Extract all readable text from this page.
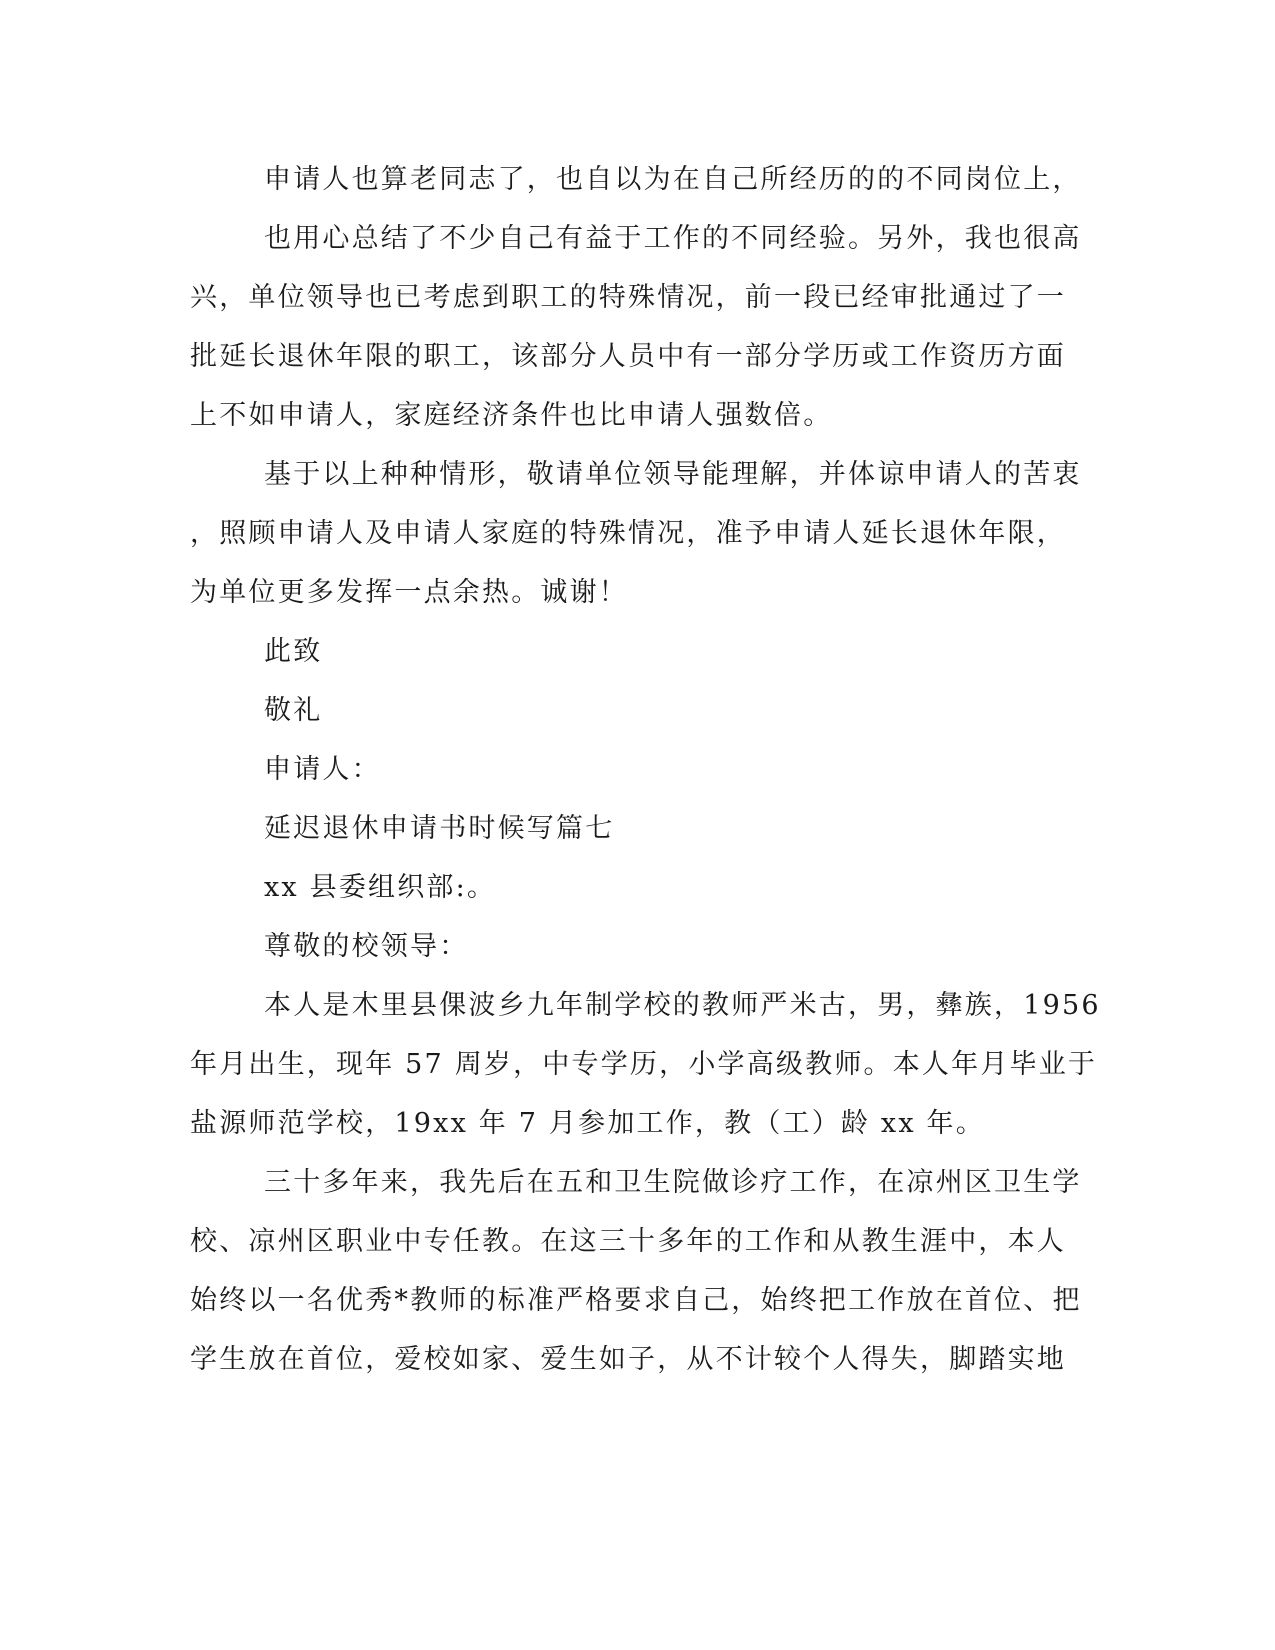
申请人也算老同志了，也自以为在自己所经历的的不同岗位上，
也用心总结了不少自己有益于工作的不同经验。另外，我也很高
兴，单位领导也已考虑到职工的特殊情况，前一段已经审批通过了一
批延长退休年限的职工，该部分人员中有一部分学历或工作资历方面
上不如申请人，家庭经济条件也比申请人强数倍。
基于以上种种情形，敬请单位领导能理解，并体谅申请人的苦衷
，照顾申请人及申请人家庭的特殊情况，准予申请人延长退休年限，
为单位更多发挥一点余热。诚谢！
此致
敬礼
申请人：
延迟退休申请书时候写篇七
xx 县委组织部:。
尊敬的校领导：
本人是木里县倮波乡九年制学校的教师严米古，男，彝族，1956
年月出生，现年 57 周岁，中专学历，小学高级教师。本人年月毕业于
盐源师范学校，19xx 年 7 月参加工作，教（工）龄 xx 年。
三十多年来，我先后在五和卫生院做诊疗工作，在凉州区卫生学
校、凉州区职业中专任教。在这三十多年的工作和从教生涯中，本人
始终以一名优秀*教师的标准严格要求自己，始终把工作放在首位、把
学生放在首位，爱校如家、爱生如子，从不计较个人得失，脚踏实地
